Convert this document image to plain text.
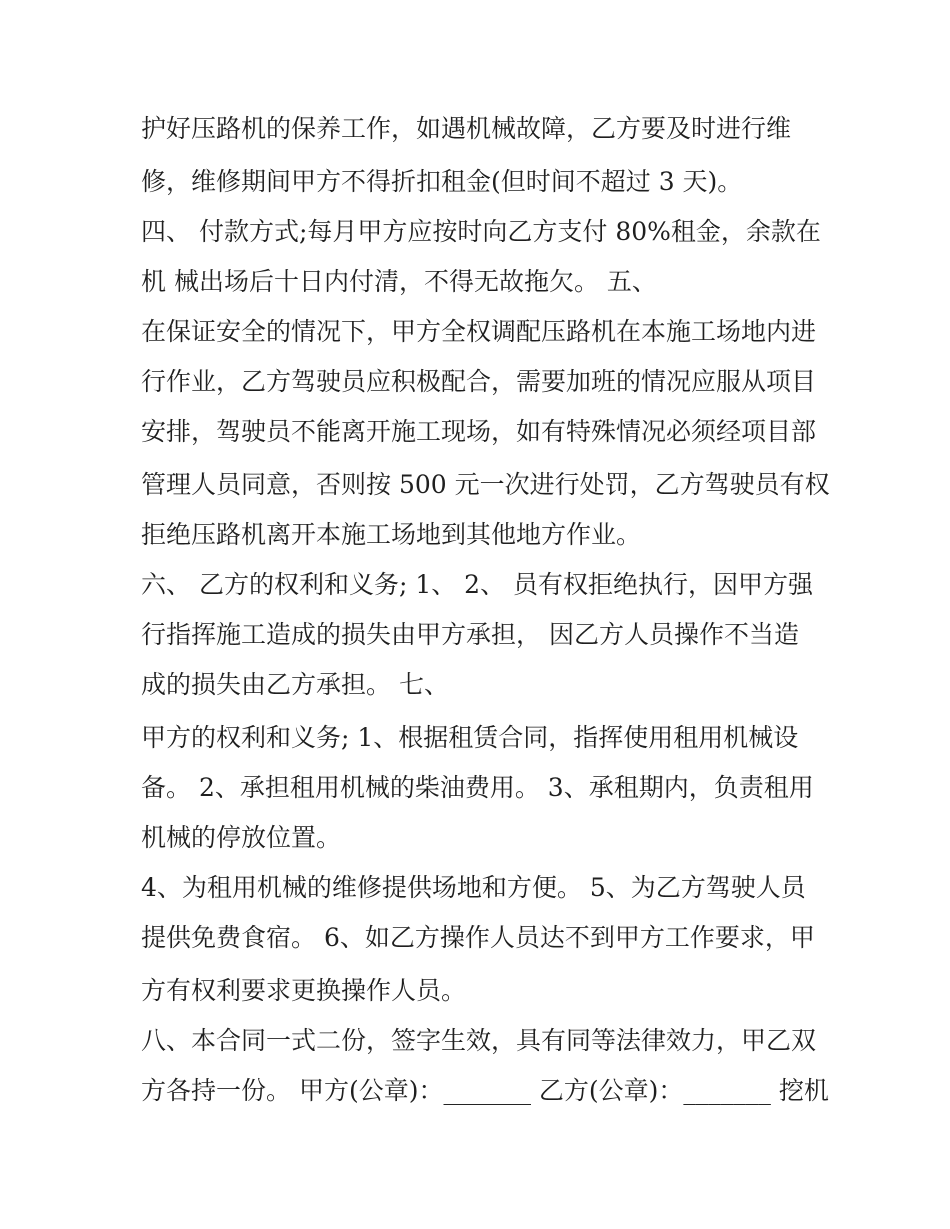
护好压路机的保养工作，如遇机械故障，乙方要及时进行维
修，维修期间甲方不得折扣租金(但时间不超过 3 天)。
四、 付款方式;每月甲方应按时向乙方支付 80%租金，余款在
机 械出场后十日内付清，不得无故拖欠。 五、
在保证安全的情况下，甲方全权调配压路机在本施工场地内进
行作业，乙方驾驶员应积极配合，需要加班的情况应服从项目
安排，驾驶员不能离开施工现场，如有特殊情况必须经项目部
管理人员同意，否则按 500 元一次进行处罚，乙方驾驶员有权
拒绝压路机离开本施工场地到其他地方作业。
六、 乙方的权利和义务; 1、 2、 员有权拒绝执行，因甲方强
行指挥施工造成的损失由甲方承担， 因乙方人员操作不当造
成的损失由乙方承担。 七、
甲方的权利和义务; 1、根据租赁合同，指挥使用租用机械设
备。 2、承担租用机械的柴油费用。 3、承租期内，负责租用
机械的停放位置。
4、为租用机械的维修提供场地和方便。 5、为乙方驾驶人员
提供免费食宿。 6、如乙方操作人员达不到甲方工作要求，甲
方有权利要求更换操作人员。
八、本合同一式二份，签字生效，具有同等法律效力，甲乙双
方各持一份。 甲方(公章)：_______ 乙方(公章)：_______ 挖机
